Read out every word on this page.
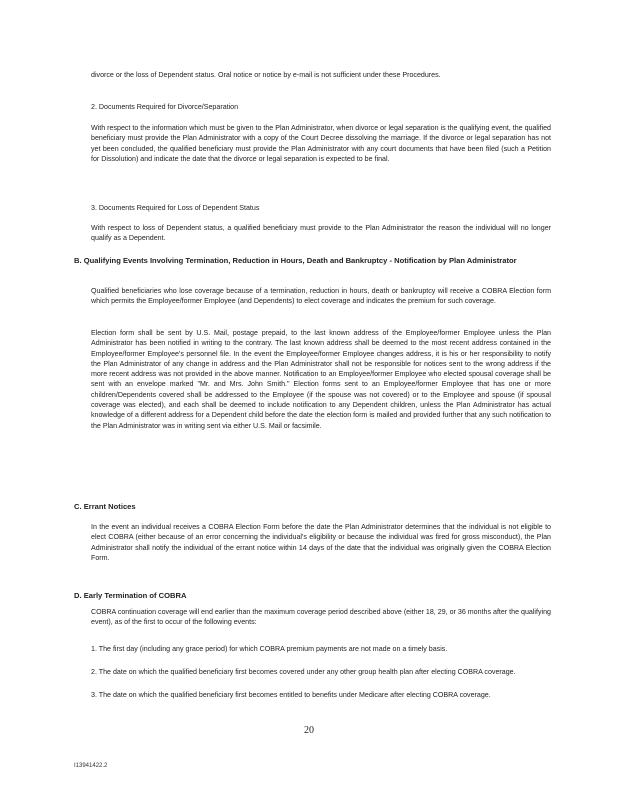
divorce or the loss of Dependent status. Oral notice or notice by e-mail is not sufficient under these Procedures.

2. Documents Required for Divorce/Separation

With respect to the information which must be given to the Plan Administrator, when divorce or legal separation is the qualifying event, the qualified beneficiary must provide the Plan Administrator with a copy of the Court Decree dissolving the marriage. If the divorce or legal separation has not yet been concluded, the qualified beneficiary must provide the Plan Administrator with any court documents that have been filed (such a Petition for Dissolution) and indicate the date that the divorce or legal separation is expected to be final.

3. Documents Required for Loss of Dependent Status

With respect to loss of Dependent status, a qualified beneficiary must provide to the Plan Administrator the reason the individual will no longer qualify as a Dependent.

B. Qualifying Events Involving Termination, Reduction in Hours, Death and Bankruptcy - Notification by Plan Administrator

Qualified beneficiaries who lose coverage because of a termination, reduction in hours, death or bankruptcy will receive a COBRA Election form which permits the Employee/former Employee (and Dependents) to elect coverage and indicates the premium for such coverage.

Election form shall be sent by U.S. Mail, postage prepaid, to the last known address of the Employee/former Employee unless the Plan Administrator has been notified in writing to the contrary. The last known address shall be deemed to the most recent address contained in the Employee/former Employee's personnel file. In the event the Employee/former Employee changes address, it is his or her responsibility to notify the Plan Administrator of any change in address and the Plan Administrator shall not be responsible for notices sent to the wrong address if the more recent address was not provided in the above manner. Notification to an Employee/former Employee who elected spousal coverage shall be sent with an envelope marked "Mr. and Mrs. John Smith." Election forms sent to an Employee/former Employee that has one or more children/Dependents covered shall be addressed to the Employee (if the spouse was not covered) or to the Employee and spouse (if spousal coverage was elected), and each shall be deemed to include notification to any Dependent children, unless the Plan Administrator has actual knowledge of a different address for a Dependent child before the date the election form is mailed and provided further that any such notification to the Plan Administrator was in writing sent via either U.S. Mail or facsimile.

C. Errant Notices

In the event an individual receives a COBRA Election Form before the date the Plan Administrator determines that the individual is not eligible to elect COBRA (either because of an error concerning the individual's eligibility or because the individual was fired for gross misconduct), the Plan Administrator shall notify the individual of the errant notice within 14 days of the date that the individual was originally given the COBRA Election Form.

D. Early Termination of COBRA

COBRA continuation coverage will end earlier than the maximum coverage period described above (either 18, 29, or 36 months after the qualifying event), as of the first to occur of the following events:

1. The first day (including any grace period) for which COBRA premium payments are not made on a timely basis.
2. The date on which the qualified beneficiary first becomes covered under any other group health plan after electing COBRA coverage.
3. The date on which the qualified beneficiary first becomes entitled to benefits under Medicare after electing COBRA coverage.
20
I13941422.2
